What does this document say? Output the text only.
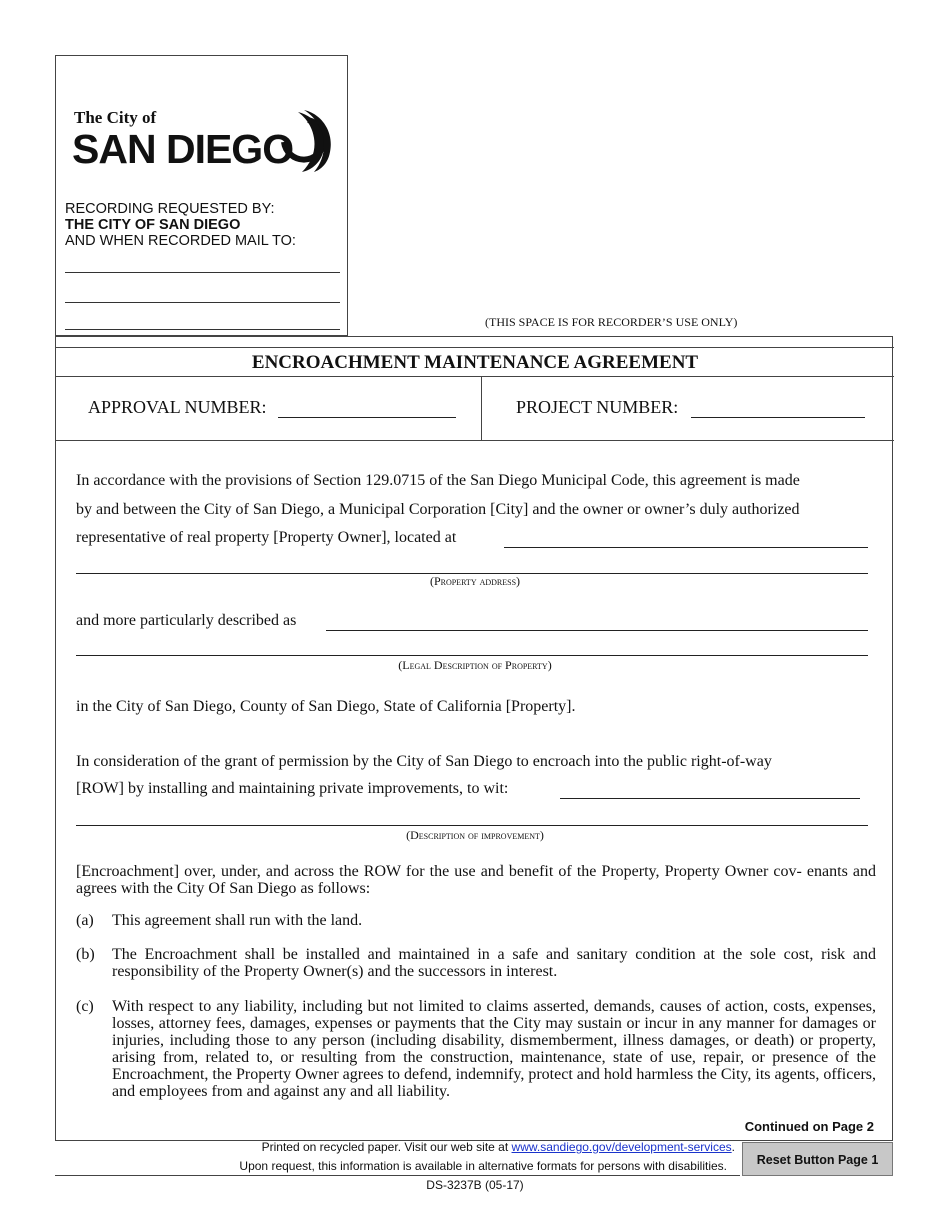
The City of
SAN DIEGO
RECORDING REQUESTED BY:
THE CITY OF SAN DIEGO
AND WHEN RECORDED MAIL TO:
(THIS SPACE IS FOR RECORDER’S USE ONLY)
ENCROACHMENT MAINTENANCE AGREEMENT
APPROVAL NUMBER:	PROJECT NUMBER:
In accordance with the provisions of Section 129.0715 of the San Diego Municipal Code, this agreement is made
by and between the City of San Diego, a Municipal Corporation [City] and the owner or owner’s duly authorized
representative of real property [Property Owner], located at
(Property address)
and more particularly described as
(Legal Description of Property)
in the City of San Diego, County of San Diego, State of California [Property].
In consideration of the grant of permission by the City of San Diego to encroach into the public right-of-way
[ROW] by installing and maintaining private improvements, to wit:
(Description of improvement)
[Encroachment] over, under, and across the ROW for the use and benefit of the Property, Property Owner cov- enants and agrees with the City Of San Diego as follows:
(a) This agreement shall run with the land.
(b) The Encroachment shall be installed and maintained in a safe and sanitary condition at the sole cost, risk and responsibility of the Property Owner(s) and the successors in interest.
(c) With respect to any liability, including but not limited to claims asserted, demands, causes of action, costs, expenses, losses, attorney fees, damages, expenses or payments that the City may sustain or incur in any manner for damages or injuries, including those to any person (including disability, dismemberment, illness damages, or death) or property, arising from, related to, or resulting from the construction, maintenance, state of use, repair, or presence of the Encroachment, the Property Owner agrees to defend, indemnify, protect and hold harmless the City, its agents, officers, and employees from and against any and all liability.
Continued on Page 2
Printed on recycled paper. Visit our web site at www.sandiego.gov/development-services.
Upon request, this information is available in alternative formats for persons with disabilities.	Reset Button Page 1
DS-3237B (05-17)
